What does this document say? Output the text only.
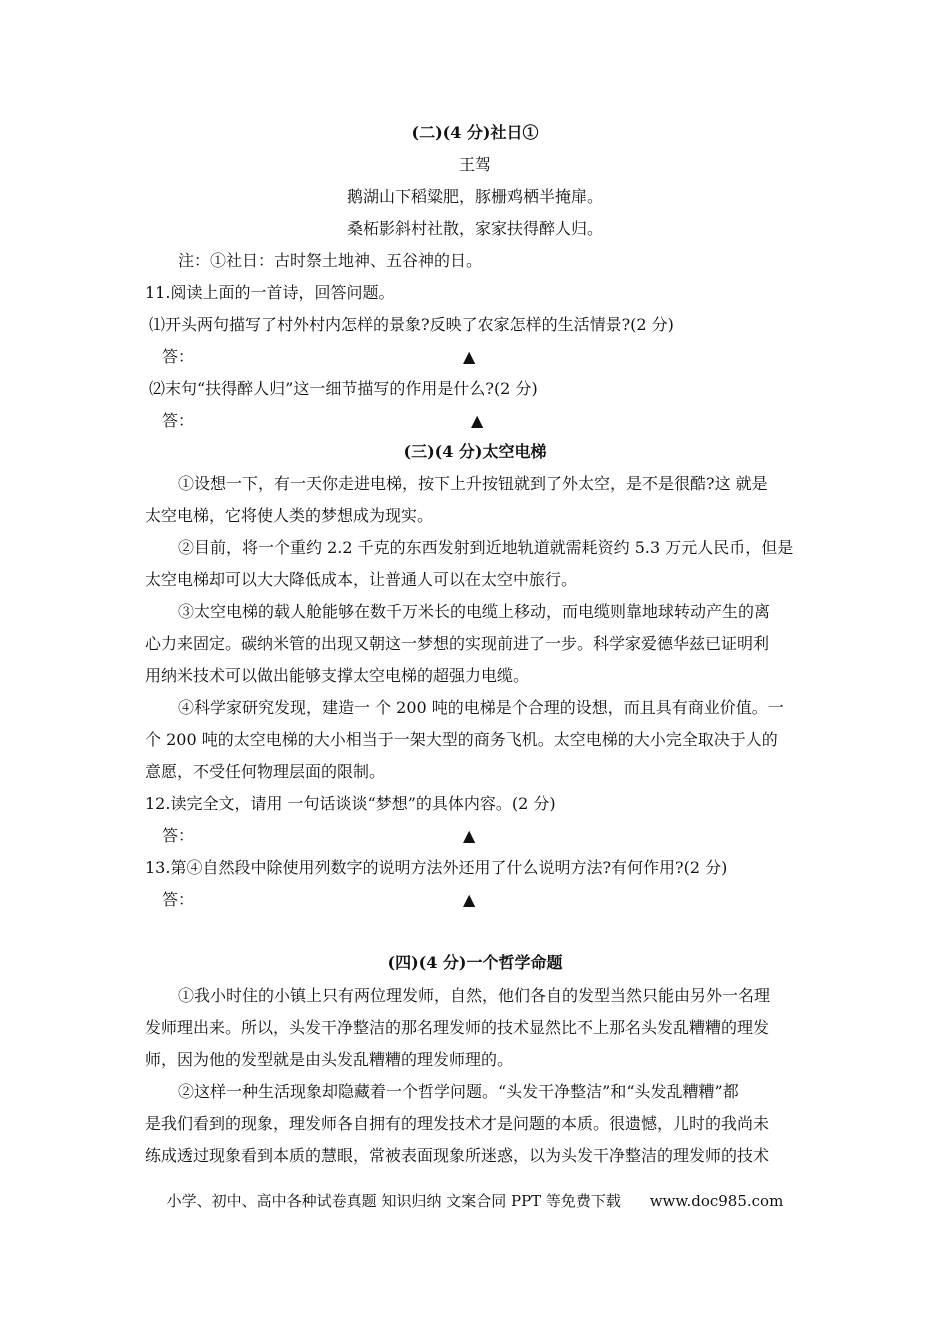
(二)(4 分)社日①
王驾
鹅湖山下稻粱肥，豚栅鸡栖半掩扉。
桑柘影斜村社散，家家扶得醉人归。
注：①社日：古时祭土地神、五谷神的日。
11.阅读上面的一首诗，回答问题。
⑴开头两句描写了村外村内怎样的景象?反映了农家怎样的生活情景?(2 分)
答：	▲
⑵末句“扶得醉人归”这一细节描写的作用是什么?(2 分)
答：	▲
(三)(4 分)太空电梯
①设想一下，有一天你走进电梯，按下上升按钮就到了外太空，是不是很酷?这 就是
太空电梯，它将使人类的梦想成为现实。
②目前，将一个重约 2.2 千克的东西发射到近地轨道就需耗资约 5.3 万元人民币，但是
太空电梯却可以大大降低成本，让普通人可以在太空中旅行。
③太空电梯的载人舱能够在数千万米长的电缆上移动，而电缆则靠地球转动产生的离
心力来固定。碳纳米管的出现又朝这一梦想的实现前进了一步。科学家爱德华兹已证明利
用纳米技术可以做出能够支撑太空电梯的超强力电缆。
④科学家研究发现，建造一 个 200 吨的电梯是个合理的设想，而且具有商业价值。一
个 200 吨的太空电梯的大小相当于一架大型的商务飞机。太空电梯的大小完全取决于人的
意愿，不受任何物理层面的限制。
12.读完全文，请用 一句话谈谈“梦想”的具体内容。(2 分)
答：	▲
13.第④自然段中除使用列数字的说明方法外还用了什么说明方法?有何作用?(2 分)
答：	▲
(四)(4 分)一个哲学命题
①我小时住的小镇上只有两位理发师，自然，他们各自的发型当然只能由另外一名理
发师理出来。所以，头发干净整洁的那名理发师的技术显然比不上那名头发乱糟糟的理发
师，因为他的发型就是由头发乱糟糟的理发师理的。
②这样一种生活现象却隐藏着一个哲学问题。“头发干净整洁”和“头发乱糟糟”都
是我们看到的现象，理发师各自拥有的理发技术才是问题的本质。很遗憾，儿时的我尚未
练成透过现象看到本质的慧眼，常被表面现象所迷惑，以为头发干净整洁的理发师的技术
小学、初中、高中各种试卷真题 知识归纳 文案合同 PPT 等免费下载 www.doc985.com
